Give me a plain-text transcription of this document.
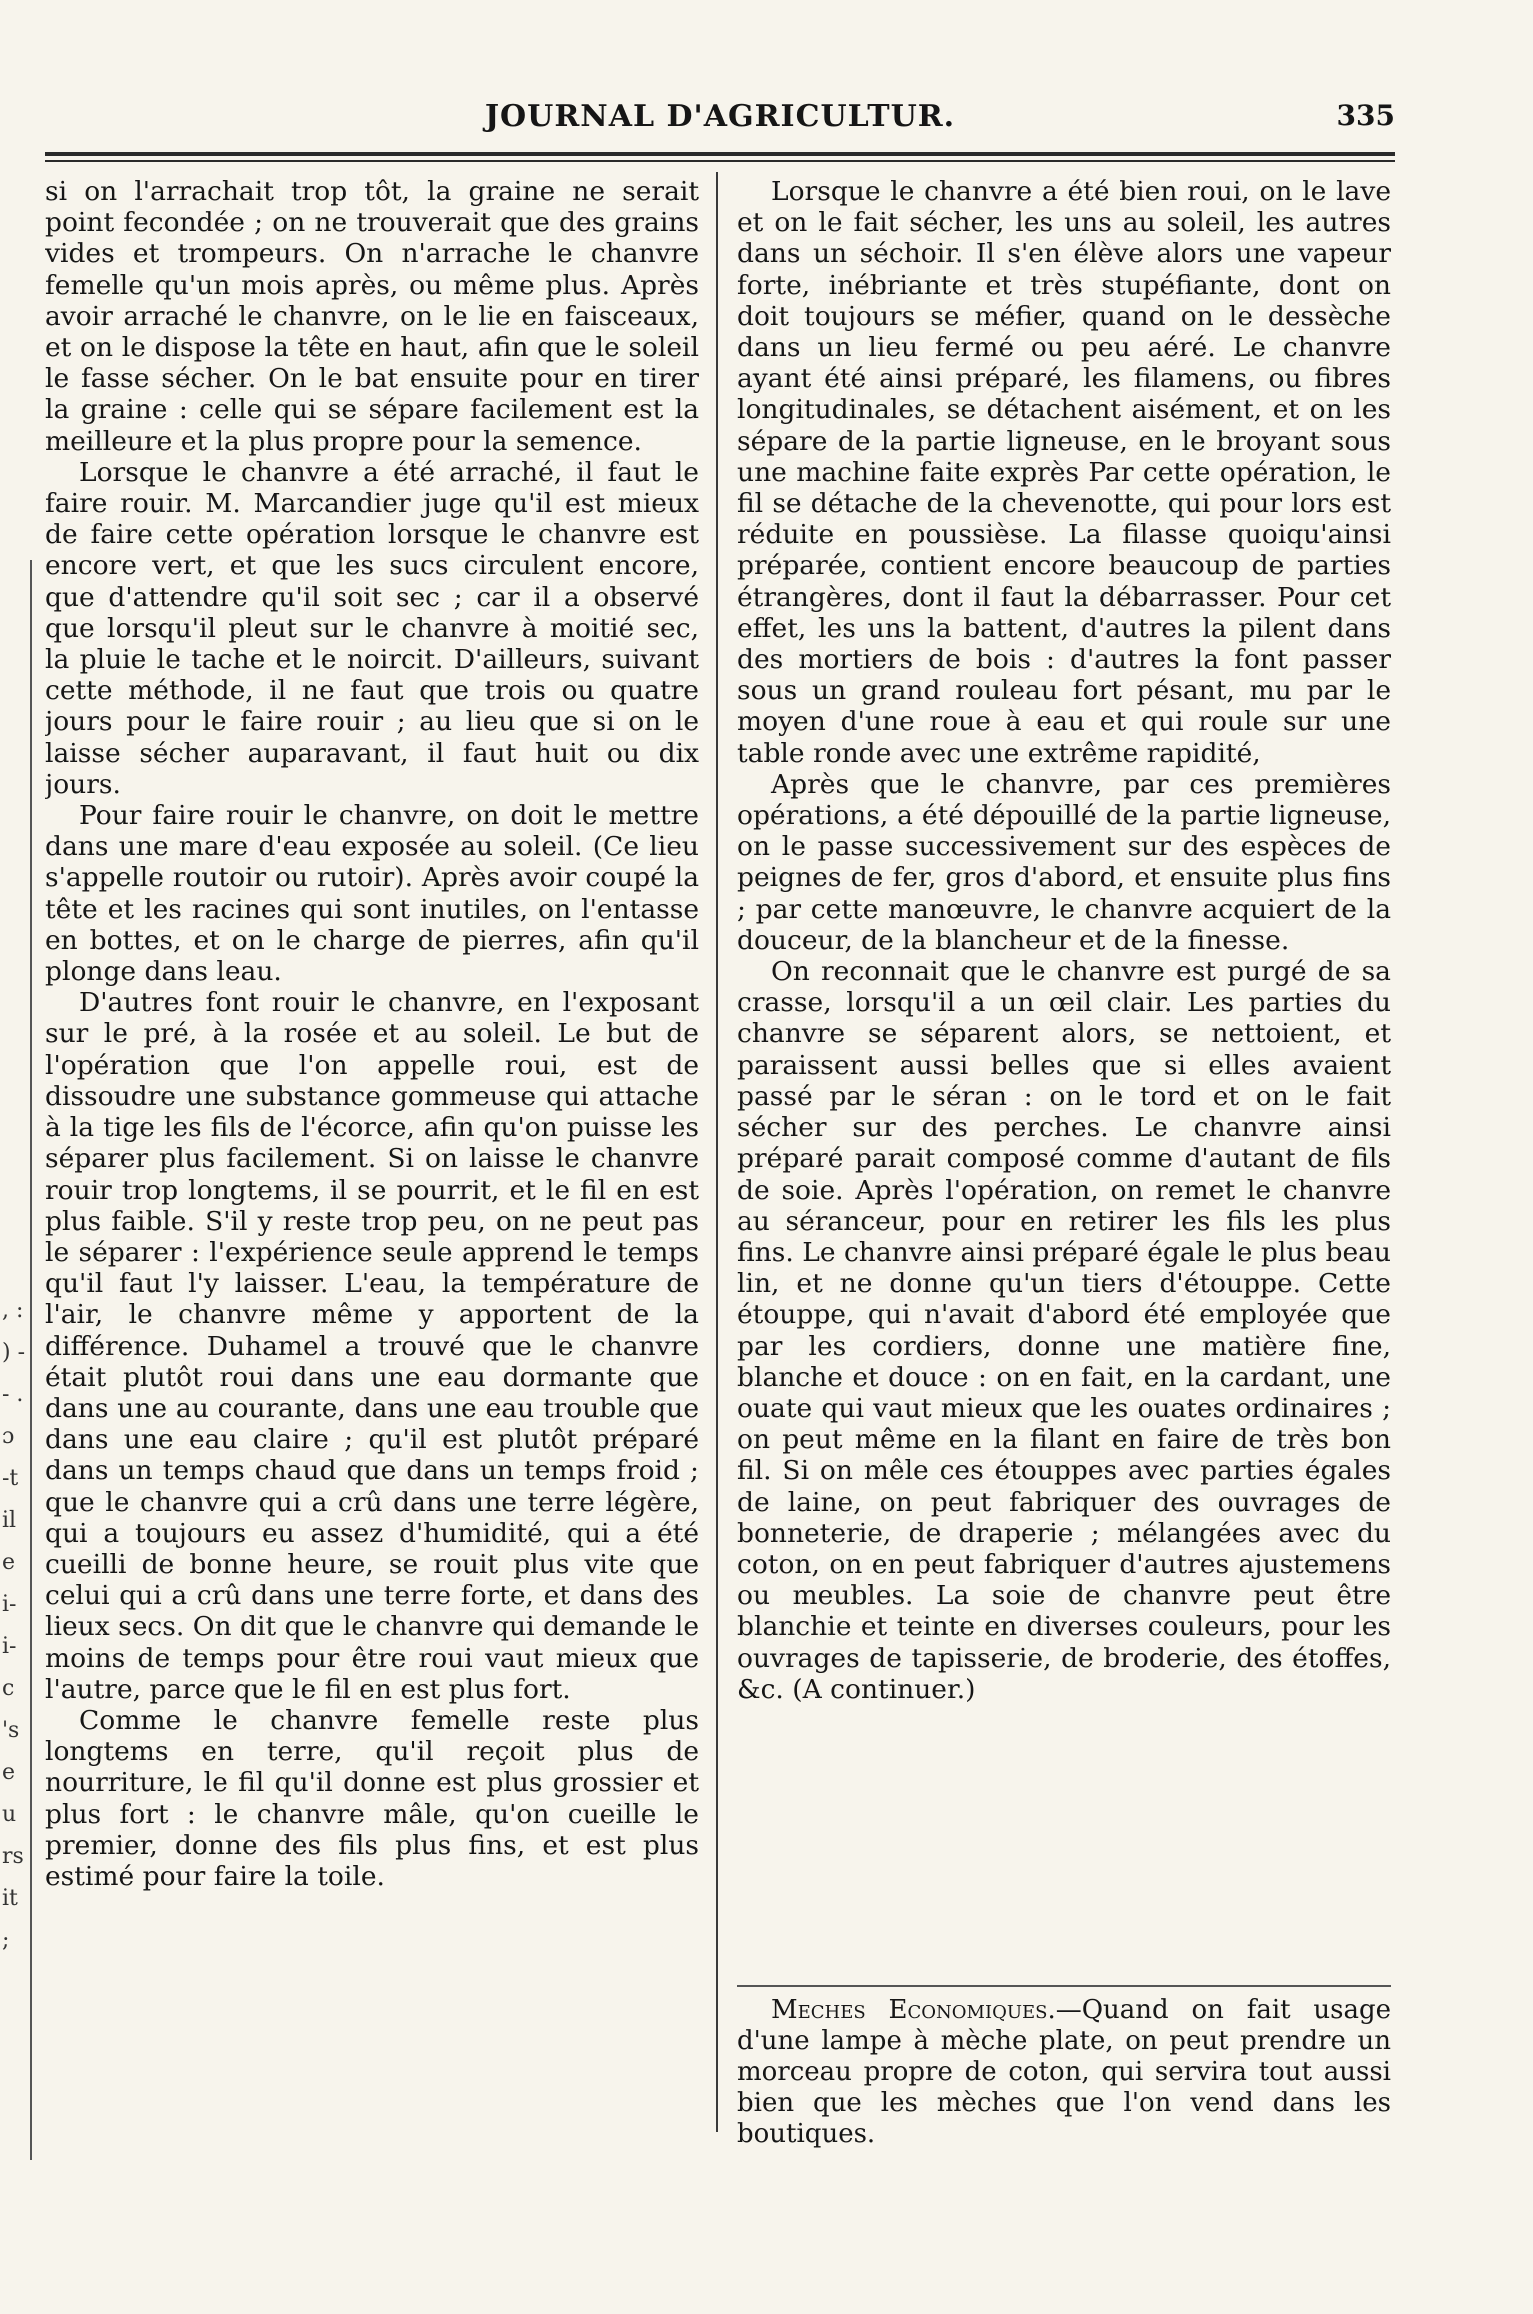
JOURNAL D'AGRICULTUR.	335
, : ) - - . ɔ -t il e i- i- c 's e u rs it ;

si on l'arrachait trop tôt, la graine ne serait point fecondée ; on ne trouverait que des grains vides et trompeurs. On n'arrache le chanvre femelle qu'un mois après, ou même plus. Après avoir arraché le chanvre, on le lie en faisceaux, et on le dispose la tête en haut, afin que le soleil le fasse sécher. On le bat ensuite pour en tirer la graine : celle qui se sépare facilement est la meilleure et la plus propre pour la semence.

Lorsque le chanvre a été arraché, il faut le faire rouir. M. Marcandier juge qu'il est mieux de faire cette opération lorsque le chanvre est encore vert, et que les sucs circulent encore, que d'attendre qu'il soit sec ; car il a observé que lorsqu'il pleut sur le chanvre à moitié sec, la pluie le tache et le noircit. D'ailleurs, suivant cette méthode, il ne faut que trois ou quatre jours pour le faire rouir ; au lieu que si on le laisse sécher auparavant, il faut huit ou dix jours.

Pour faire rouir le chanvre, on doit le mettre dans une mare d'eau exposée au soleil. (Ce lieu s'appelle routoir ou rutoir). Après avoir coupé la tête et les racines qui sont inutiles, on l'entasse en bottes, et on le charge de pierres, afin qu'il plonge dans leau.

D'autres font rouir le chanvre, en l'exposant sur le pré, à la rosée et au soleil. Le but de l'opération que l'on appelle roui, est de dissoudre une substance gommeuse qui attache à la tige les fils de l'écorce, afin qu'on puisse les séparer plus facilement. Si on laisse le chanvre rouir trop longtems, il se pourrit, et le fil en est plus faible. S'il y reste trop peu, on ne peut pas le séparer : l'expérience seule apprend le temps qu'il faut l'y laisser. L'eau, la température de l'air, le chanvre même y apportent de la différence. Duhamel a trouvé que le chanvre était plutôt roui dans une eau dormante que dans une au courante, dans une eau trouble que dans une eau claire ; qu'il est plutôt préparé dans un temps chaud que dans un temps froid ; que le chanvre qui a crû dans une terre légère, qui a toujours eu assez d'humidité, qui a été cueilli de bonne heure, se rouit plus vite que celui qui a crû dans une terre forte, et dans des lieux secs. On dit que le chanvre qui demande le moins de temps pour être roui vaut mieux que l'autre, parce que le fil en est plus fort.

Comme le chanvre femelle reste plus longtems en terre, qu'il reçoit plus de nourriture, le fil qu'il donne est plus grossier et plus fort : le chanvre mâle, qu'on cueille le premier, donne des fils plus fins, et est plus estimé pour faire la toile.

Lorsque le chanvre a été bien roui, on le lave et on le fait sécher, les uns au soleil, les autres dans un séchoir. Il s'en élève alors une vapeur forte, inébriante et très stupéfiante, dont on doit toujours se méfier, quand on le dessèche dans un lieu fermé ou peu aéré. Le chanvre ayant été ainsi préparé, les filamens, ou fibres longitudinales, se détachent aisément, et on les sépare de la partie ligneuse, en le broyant sous une machine faite exprès Par cette opération, le fil se détache de la chevenotte, qui pour lors est réduite en poussièse. La filasse quoiqu'ainsi préparée, contient encore beaucoup de parties étrangères, dont il faut la débarrasser. Pour cet effet, les uns la battent, d'autres la pilent dans des mortiers de bois : d'autres la font passer sous un grand rouleau fort pésant, mu par le moyen d'une roue à eau et qui roule sur une table ronde avec une extrême rapidité,

Après que le chanvre, par ces premières opérations, a été dépouillé de la partie ligneuse, on le passe successivement sur des espèces de peignes de fer, gros d'abord, et ensuite plus fins ; par cette manœuvre, le chanvre acquiert de la douceur, de la blancheur et de la finesse.

On reconnait que le chanvre est purgé de sa crasse, lorsqu'il a un œil clair. Les parties du chanvre se séparent alors, se nettoient, et paraissent aussi belles que si elles avaient passé par le séran : on le tord et on le fait sécher sur des perches. Le chanvre ainsi préparé parait composé comme d'autant de fils de soie. Après l'opération, on remet le chanvre au séranceur, pour en retirer les fils les plus fins. Le chanvre ainsi préparé égale le plus beau lin, et ne donne qu'un tiers d'étouppe. Cette étouppe, qui n'avait d'abord été employée que par les cordiers, donne une matière fine, blanche et douce : on en fait, en la cardant, une ouate qui vaut mieux que les ouates ordinaires ; on peut même en la filant en faire de très bon fil. Si on mêle ces étouppes avec parties égales de laine, on peut fabriquer des ouvrages de bonneterie, de draperie ; mélangées avec du coton, on en peut fabriquer d'autres ajustemens ou meubles. La soie de chanvre peut être blanchie et teinte en diverses couleurs, pour les ouvrages de tapisserie, de broderie, des étoffes, &c. (A continuer.)

Meches Economiques.—Quand on fait usage d'une lampe à mèche plate, on peut prendre un morceau propre de coton, qui servira tout aussi bien que les mèches que l'on vend dans les boutiques.
